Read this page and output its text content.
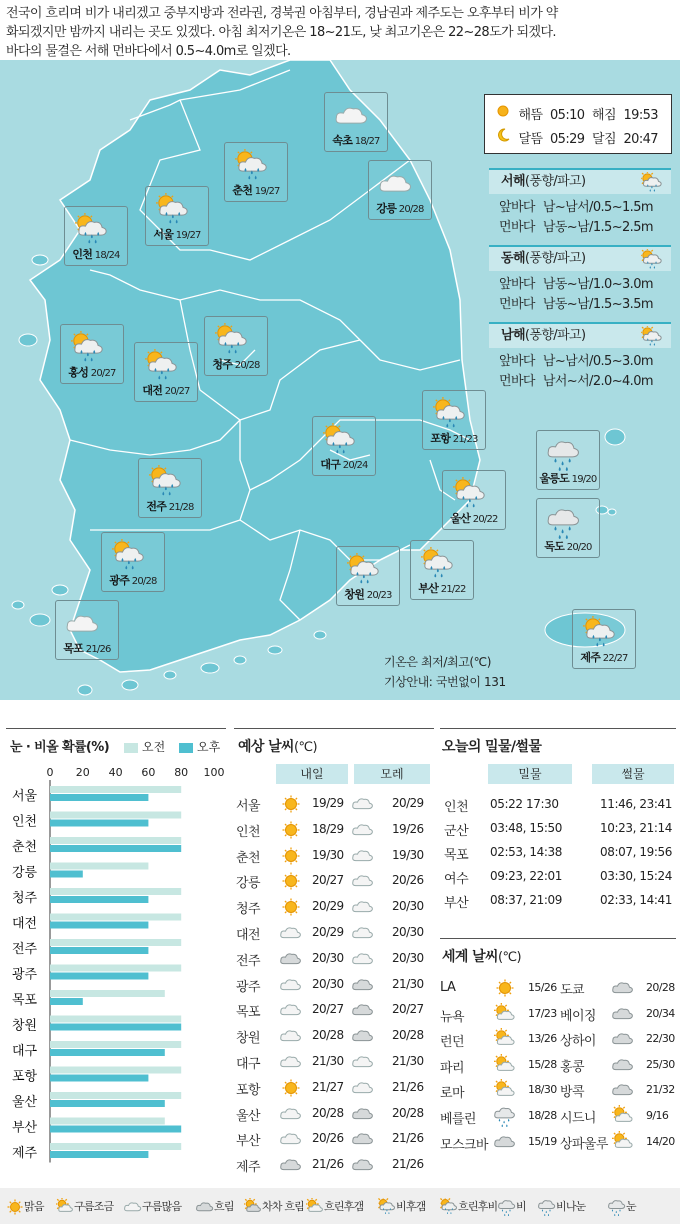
전국이 흐리며 비가 내리겠고 중부지방과 전라권, 경북권 아침부터, 경남권과 제주도는 오후부터 비가 약
화되겠지만 밤까지 내리는 곳도 있겠다. 아침 최저기온은 18~21도, 낮 최고기온은 22~28도가 되겠다.
바다의 물결은 서해 먼바다에서 0.5~4.0m로 일겠다.
속초 18/27
춘천 19/27
강릉 20/28
서울 19/27
인천 18/24
홍성 20/27
대전 20/27
청주 20/28
포항 21/23
대구 20/24
전주 21/28
울산 20/22
광주 20/28
창원 20/23
부산 21/22
울릉도 19/20
독도 20/20
목포 21/26
제주 22/27
해뜸 05:10 해짐 19:53
달뜸 05:29 달짐 20:47
서해(풍향/파고)
앞바다 남~남서/0.5~1.5m
먼바다 남동~남/1.5~2.5m
동해(풍향/파고)
앞바다 남동~남/1.0~3.0m
먼바다 남동~남/1.5~3.5m
남해(풍향/파고)
앞바다 남~남서/0.5~3.0m
먼바다 남서~서/2.0~4.0m
기온은 최저/최고(℃)
기상안내: 국번없이 131
눈 · 비올 확률(%)	오전	오후
0	20	40	60	80	100
서울
인천
춘천
강릉
청주
대전
전주
광주
목포
창원
대구
포항
울산
부산
제주
예상 날씨(℃)
내일	모레
서울	19/29	20/29
인천	18/29	19/26
춘천	19/30	19/30
강릉	20/27	20/26
청주	20/29	20/30
대전	20/29	20/30
전주	20/30	20/30
광주	20/30	21/30
목포	20/27	20/27
창원	20/28	20/28
대구	21/30	21/30
포항	21/27	21/26
울산	20/28	20/28
부산	20/26	21/26
제주	21/26	21/26
오늘의 밀물/썰물
밀물	썰물
인천 05:22 17:30	11:46, 23:41
군산 03:48, 15:50	10:23, 21:14
목포 02:53, 14:38	08:07, 19:56
여수 09:23, 22:01	03:30, 15:24
부산 08:37, 21:09	02:33, 14:41
세계 날씨(℃)
LA	15/26 도쿄	20/28
뉴욕	17/23 베이징	20/34
런던	13/26 상하이	22/30
파리	15/28 홍콩	25/30
로마	18/30 방콕	21/32
베를린	18/28 시드니	9/16
모스크바	15/19 상파울루	14/20
맑음	구름조금	구름많음	흐림	차차 흐림	흐린후갬	비후갬	흐린후비	비	비나눈	눈
